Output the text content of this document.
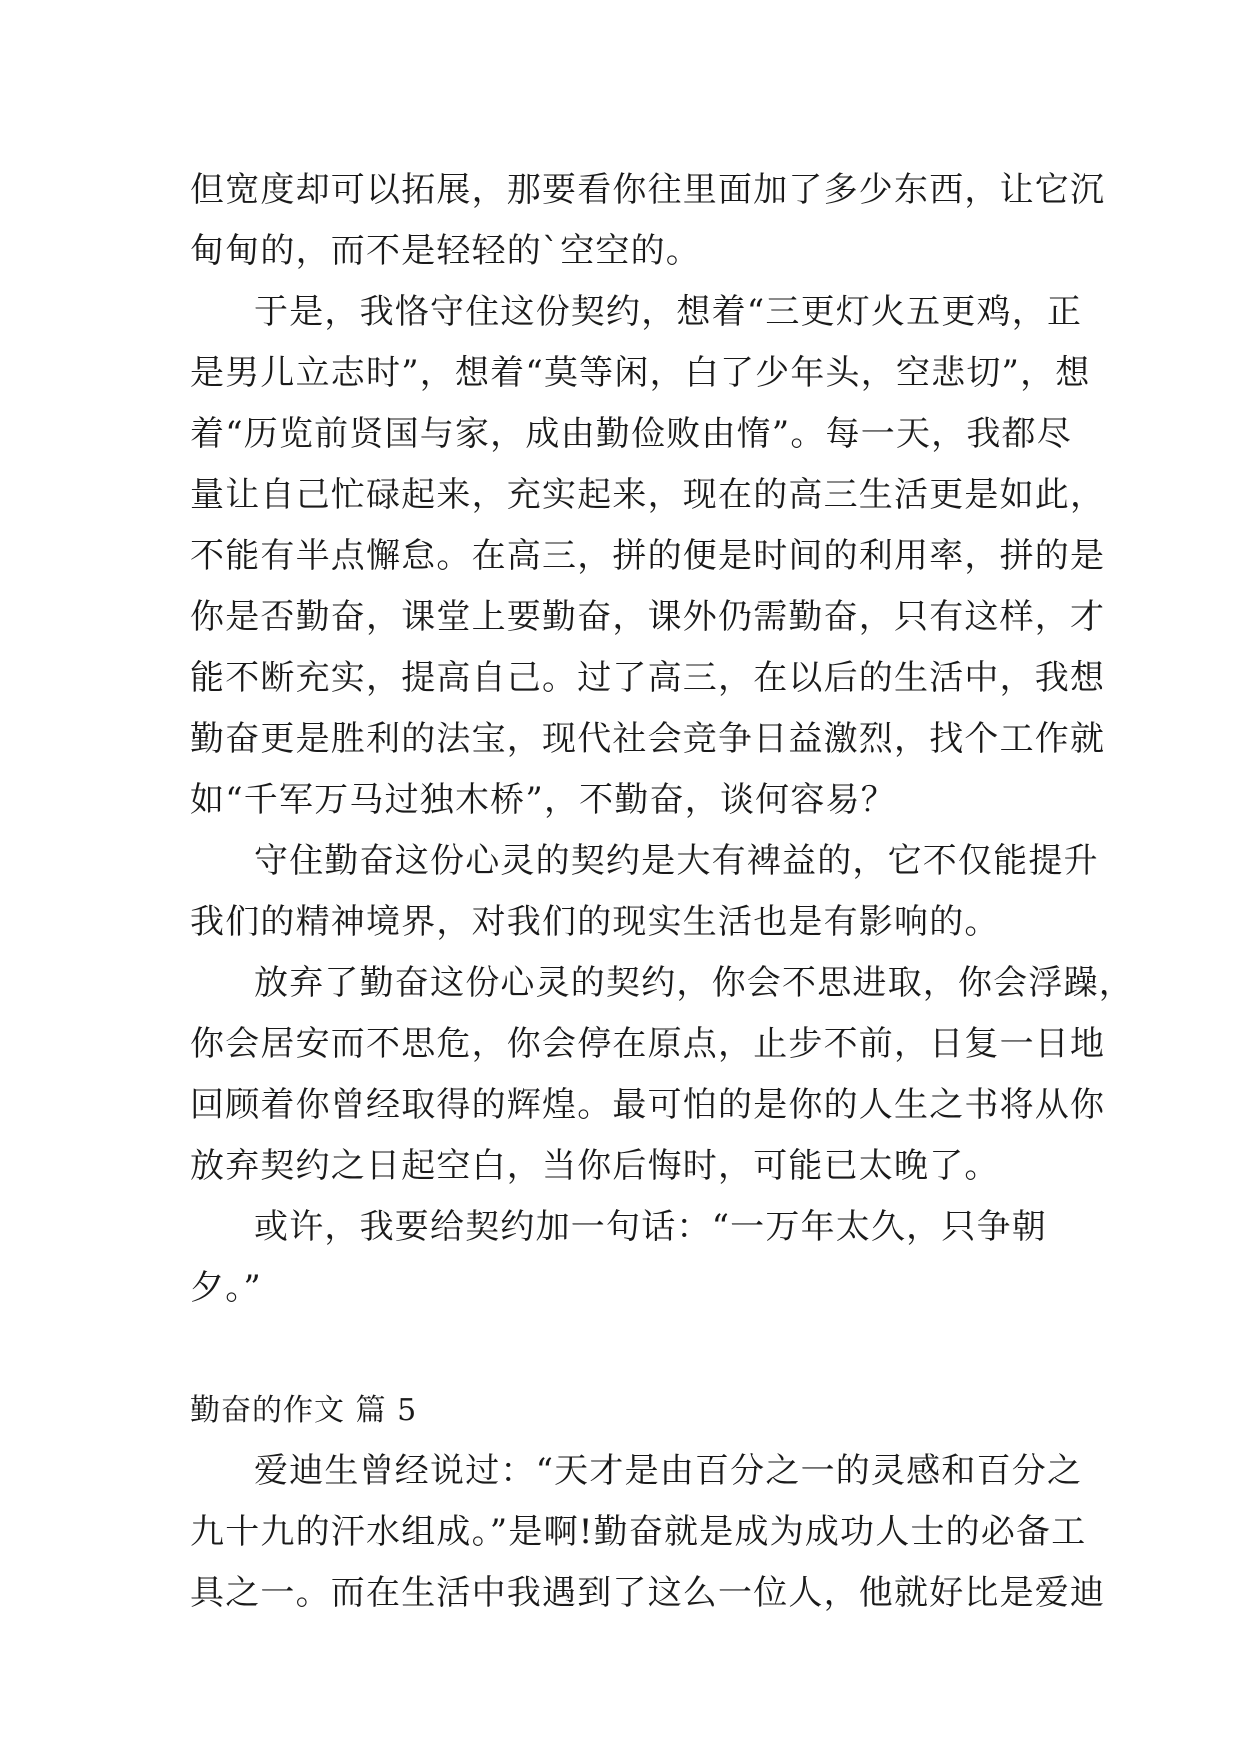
但宽度却可以拓展，那要看你往里面加了多少东西，让它沉
甸甸的，而不是轻轻的`空空的。
于是，我恪守住这份契约，想着“三更灯火五更鸡，正
是男儿立志时”，想着“莫等闲，白了少年头，空悲切”，想
着“历览前贤国与家，成由勤俭败由惰”。每一天，我都尽
量让自己忙碌起来，充实起来，现在的高三生活更是如此，
不能有半点懈怠。在高三，拼的便是时间的利用率，拼的是
你是否勤奋，课堂上要勤奋，课外仍需勤奋，只有这样，才
能不断充实，提高自己。过了高三，在以后的生活中，我想
勤奋更是胜利的法宝，现代社会竞争日益激烈，找个工作就
如“千军万马过独木桥”，不勤奋，谈何容易？
守住勤奋这份心灵的契约是大有裨益的，它不仅能提升
我们的精神境界，对我们的现实生活也是有影响的。
放弃了勤奋这份心灵的契约，你会不思进取，你会浮躁，
你会居安而不思危，你会停在原点，止步不前，日复一日地
回顾着你曾经取得的辉煌。最可怕的是你的人生之书将从你
放弃契约之日起空白，当你后悔时，可能已太晚了。
或许，我要给契约加一句话：“一万年太久，只争朝
夕。”
勤奋的作文 篇 5
爱迪生曾经说过：“天才是由百分之一的灵感和百分之
九十九的汗水组成。”是啊!勤奋就是成为成功人士的必备工
具之一。而在生活中我遇到了这么一位人，他就好比是爱迪
